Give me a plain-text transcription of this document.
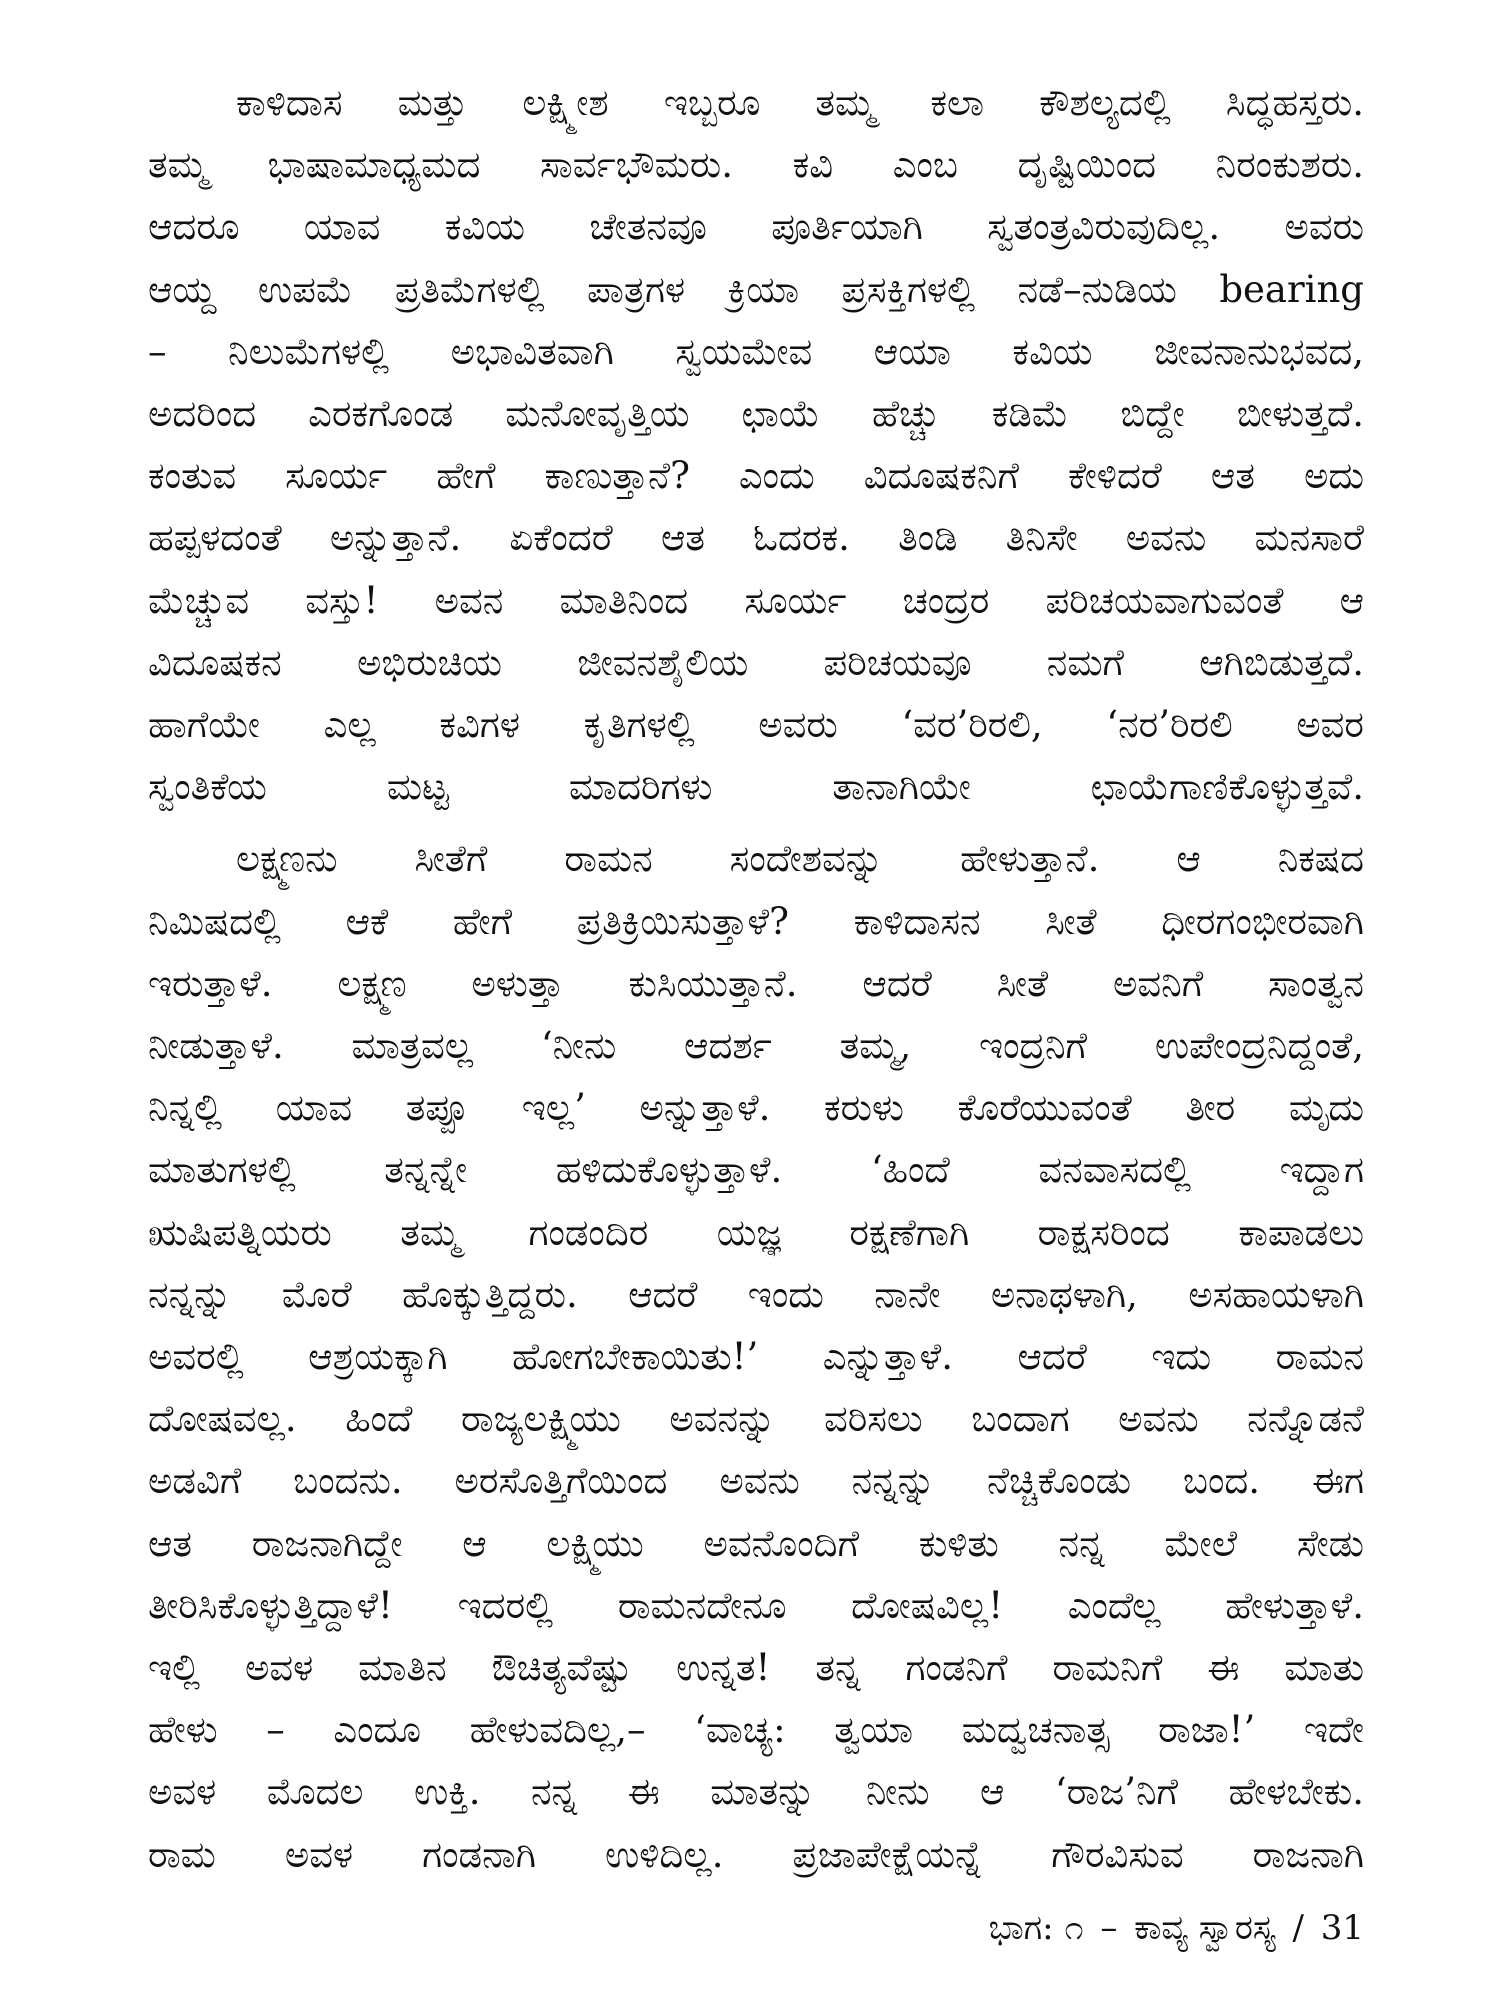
ಕಾಳಿದಾಸ ಮತ್ತು ಲಕ್ಷ್ಮೀಶ ಇಬ್ಬರೂ ತಮ್ಮ ಕಲಾ ಕೌಶಲ್ಯದಲ್ಲಿ ಸಿದ್ಧಹಸ್ತರು.
ತಮ್ಮ ಭಾಷಾಮಾಧ್ಯಮದ ಸಾರ್ವಭೌಮರು. ಕವಿ ಎಂಬ ದೃಷ್ಟಿಯಿಂದ ನಿರಂಕುಶರು.
ಆದರೂ ಯಾವ ಕವಿಯ ಚೇತನವೂ ಪೂರ್ತಿಯಾಗಿ ಸ್ವತಂತ್ರವಿರುವುದಿಲ್ಲ. ಅವರು
ಆಯ್ದ ಉಪಮೆ ಪ್ರತಿಮೆಗಳಲ್ಲಿ ಪಾತ್ರಗಳ ಕ್ರಿಯಾ ಪ್ರಸಕ್ತಿಗಳಲ್ಲಿ ನಡೆ–ನುಡಿಯ bearing
– ನಿಲುಮೆಗಳಲ್ಲಿ ಅಭಾವಿತವಾಗಿ ಸ್ವಯಮೇವ ಆಯಾ ಕವಿಯ ಜೀವನಾನುಭವದ,
ಅದರಿಂದ ಎರಕಗೊಂಡ ಮನೋವೃತ್ತಿಯ ಛಾಯೆ ಹೆಚ್ಚು ಕಡಿಮೆ ಬಿದ್ದೇ ಬೀಳುತ್ತದೆ.
ಕಂತುವ ಸೂರ್ಯ ಹೇಗೆ ಕಾಣುತ್ತಾನೆ? ಎಂದು ವಿದೂಷಕನಿಗೆ ಕೇಳಿದರೆ ಆತ ಅದು
ಹಪ್ಪಳದಂತೆ ಅನ್ನುತ್ತಾನೆ. ಏಕೆಂದರೆ ಆತ ಓದರಕ. ತಿಂಡಿ ತಿನಿಸೇ ಅವನು ಮನಸಾರೆ
ಮೆಚ್ಚುವ ವಸ್ತು! ಅವನ ಮಾತಿನಿಂದ ಸೂರ್ಯ ಚಂದ್ರರ ಪರಿಚಯವಾಗುವಂತೆ ಆ
ವಿದೂಷಕನ ಅಭಿರುಚಿಯ ಜೀವನಶೈಲಿಯ ಪರಿಚಯವೂ ನಮಗೆ ಆಗಿಬಿಡುತ್ತದೆ.
ಹಾಗೆಯೇ ಎಲ್ಲ ಕವಿಗಳ ಕೃತಿಗಳಲ್ಲಿ ಅವರು ‘ವರ’ರಿರಲಿ, ‘ನರ’ರಿರಲಿ ಅವರ
ಸ್ವಂತಿಕೆಯ ಮಟ್ಟ ಮಾದರಿಗಳು ತಾನಾಗಿಯೇ ಛಾಯೆಗಾಣಿಕೊಳ್ಳುತ್ತವೆ.

ಲಕ್ಷ್ಮಣನು ಸೀತೆಗೆ ರಾಮನ ಸಂದೇಶವನ್ನು ಹೇಳುತ್ತಾನೆ. ಆ ನಿಕಷದ
ನಿಮಿಷದಲ್ಲಿ ಆಕೆ ಹೇಗೆ ಪ್ರತಿಕ್ರಿಯಿಸುತ್ತಾಳೆ? ಕಾಳಿದಾಸನ ಸೀತೆ ಧೀರಗಂಭೀರವಾಗಿ
ಇರುತ್ತಾಳೆ. ಲಕ್ಷ್ಮಣ ಅಳುತ್ತಾ ಕುಸಿಯುತ್ತಾನೆ. ಆದರೆ ಸೀತೆ ಅವನಿಗೆ ಸಾಂತ್ವನ
ನೀಡುತ್ತಾಳೆ. ಮಾತ್ರವಲ್ಲ ‘ನೀನು ಆದರ್ಶ ತಮ್ಮ, ಇಂದ್ರನಿಗೆ ಉಪೇಂದ್ರನಿದ್ದಂತೆ,
ನಿನ್ನಲ್ಲಿ ಯಾವ ತಪ್ಪೂ ಇಲ್ಲ’ ಅನ್ನುತ್ತಾಳೆ. ಕರುಳು ಕೊರೆಯುವಂತೆ ತೀರ ಮೃದು
ಮಾತುಗಳಲ್ಲಿ ತನ್ನನ್ನೇ ಹಳಿದುಕೊಳ್ಳುತ್ತಾಳೆ. ‘ಹಿಂದೆ ವನವಾಸದಲ್ಲಿ ಇದ್ದಾಗ
ಋಷಿಪತ್ನಿಯರು ತಮ್ಮ ಗಂಡಂದಿರ ಯಜ್ಞ ರಕ್ಷಣೆಗಾಗಿ ರಾಕ್ಷಸರಿಂದ ಕಾಪಾಡಲು
ನನ್ನನ್ನು ಮೊರೆ ಹೊಕ್ಕುತ್ತಿದ್ದರು. ಆದರೆ ಇಂದು ನಾನೇ ಅನಾಥಳಾಗಿ, ಅಸಹಾಯಳಾಗಿ
ಅವರಲ್ಲಿ ಆಶ್ರಯಕ್ಕಾಗಿ ಹೋಗಬೇಕಾಯಿತು!’ ಎನ್ನುತ್ತಾಳೆ. ಆದರೆ ಇದು ರಾಮನ
ದೋಷವಲ್ಲ. ಹಿಂದೆ ರಾಜ್ಯಲಕ್ಷ್ಮಿಯು ಅವನನ್ನು ವರಿಸಲು ಬಂದಾಗ ಅವನು ನನ್ನೊಡನೆ
ಅಡವಿಗೆ ಬಂದನು. ಅರಸೊತ್ತಿಗೆಯಿಂದ ಅವನು ನನ್ನನ್ನು ನೆಚ್ಚಿಕೊಂಡು ಬಂದ. ಈಗ
ಆತ ರಾಜನಾಗಿದ್ದೇ ಆ ಲಕ್ಷ್ಮಿಯು ಅವನೊಂದಿಗೆ ಕುಳಿತು ನನ್ನ ಮೇಲೆ ಸೇಡು
ತೀರಿಸಿಕೊಳ್ಳುತ್ತಿದ್ದಾಳೆ! ಇದರಲ್ಲಿ ರಾಮನದೇನೂ ದೋಷವಿಲ್ಲ! ಎಂದೆಲ್ಲ ಹೇಳುತ್ತಾಳೆ.
ಇಲ್ಲಿ ಅವಳ ಮಾತಿನ ಔಚಿತ್ಯವೆಷ್ಟು ಉನ್ನತ! ತನ್ನ ಗಂಡನಿಗೆ ರಾಮನಿಗೆ ಈ ಮಾತು
ಹೇಳು – ಎಂದೂ ಹೇಳುವದಿಲ್ಲ,– ‘ವಾಚ್ಯ: ತ್ವಯಾ ಮದ್ವಚನಾತ್ಸ ರಾಜಾ!’ ಇದೇ
ಅವಳ ಮೊದಲ ಉಕ್ತಿ. ನನ್ನ ಈ ಮಾತನ್ನು ನೀನು ಆ ‘ರಾಜ’ನಿಗೆ ಹೇಳಬೇಕು.
ರಾಮ ಅವಳ ಗಂಡನಾಗಿ ಉಳಿದಿಲ್ಲ. ಪ್ರಜಾಪೇಕ್ಷೆಯನ್ನೆ ಗೌರವಿಸುವ ರಾಜನಾಗಿ

ಭಾಗ: ೧ – ಕಾವ್ಯ ಸ್ವಾರಸ್ಯ / 31
